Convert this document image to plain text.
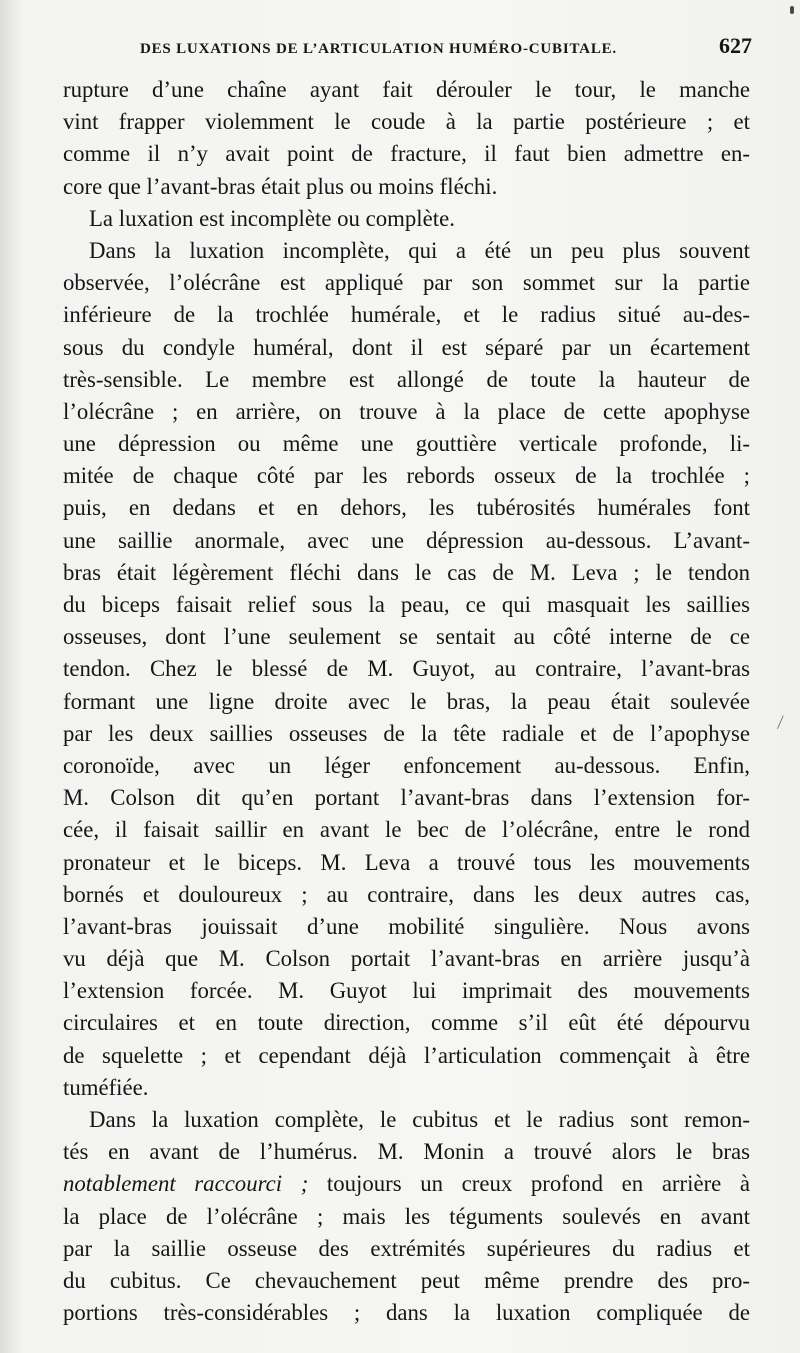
DES LUXATIONS DE L’ARTICULATION HUMÉRO-CUBITALE.	627
rupture d’une chaîne ayant fait dérouler le tour, le manche
vint frapper violemment le coude à la partie postérieure ; et
comme il n’y avait point de fracture, il faut bien admettre en-
core que l’avant-bras était plus ou moins fléchi.
La luxation est incomplète ou complète.
Dans la luxation incomplète, qui a été un peu plus souvent
observée, l’olécrâne est appliqué par son sommet sur la partie
inférieure de la trochlée humérale, et le radius situé au-des-
sous du condyle huméral, dont il est séparé par un écartement
très-sensible. Le membre est allongé de toute la hauteur de
l’olécrâne ; en arrière, on trouve à la place de cette apophyse
une dépression ou même une gouttière verticale profonde, li-
mitée de chaque côté par les rebords osseux de la trochlée ;
puis, en dedans et en dehors, les tubérosités humérales font
une saillie anormale, avec une dépression au-dessous. L’avant-
bras était légèrement fléchi dans le cas de M. Leva ; le tendon
du biceps faisait relief sous la peau, ce qui masquait les saillies
osseuses, dont l’une seulement se sentait au côté interne de ce
tendon. Chez le blessé de M. Guyot, au contraire, l’avant-bras
formant une ligne droite avec le bras, la peau était soulevée
par les deux saillies osseuses de la tête radiale et de l’apophyse
coronoïde, avec un léger enfoncement au-dessous. Enfin,
M. Colson dit qu’en portant l’avant-bras dans l’extension for-
cée, il faisait saillir en avant le bec de l’olécrâne, entre le rond
pronateur et le biceps. M. Leva a trouvé tous les mouvements
bornés et douloureux ; au contraire, dans les deux autres cas,
l’avant-bras jouissait d’une mobilité singulière. Nous avons
vu déjà que M. Colson portait l’avant-bras en arrière jusqu’à
l’extension forcée. M. Guyot lui imprimait des mouvements
circulaires et en toute direction, comme s’il eût été dépourvu
de squelette ; et cependant déjà l’articulation commençait à être
tuméfiée.
Dans la luxation complète, le cubitus et le radius sont remon-
tés en avant de l’humérus. M. Monin a trouvé alors le bras
notablement raccourci ; toujours un creux profond en arrière à
la place de l’olécrâne ; mais les téguments soulevés en avant
par la saillie osseuse des extrémités supérieures du radius et
du cubitus. Ce chevauchement peut même prendre des pro-
portions très-considérables ; dans la luxation compliquée de
⁄
